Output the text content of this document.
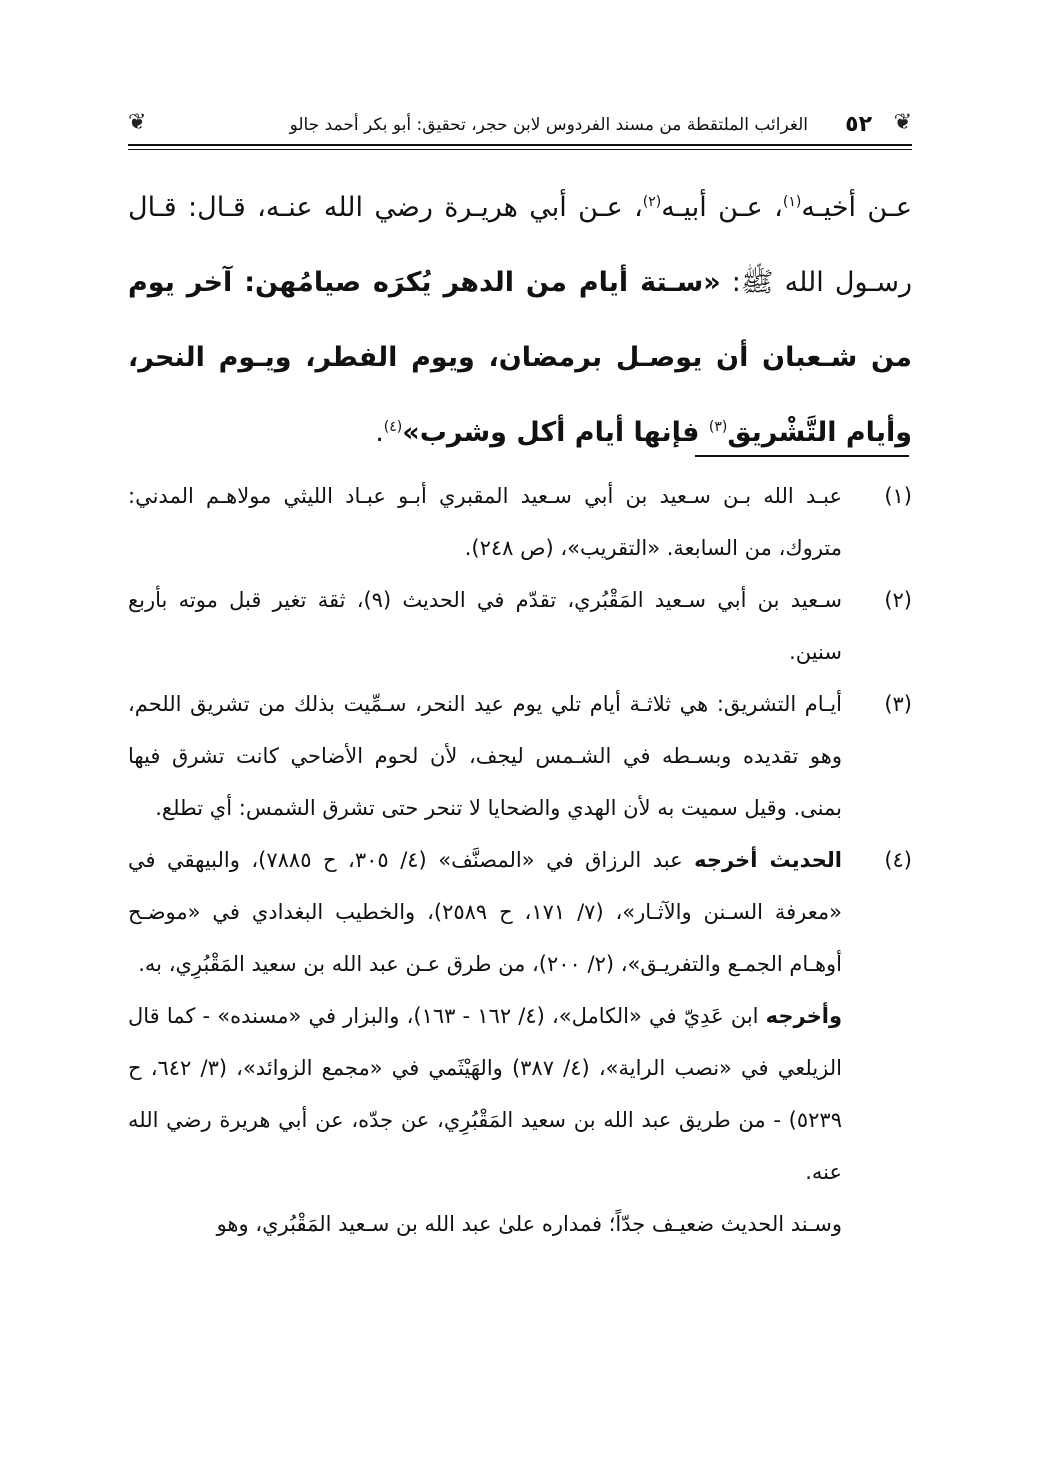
❦
٥٢
الغرائب الملتقطة من مسند الفردوس لابن حجر، تحقيق: أبو بكر أحمد جالو
❦

عـن أخيـه$^{(١)}$، عـن أبيـه$^{(٢)}$، عـن أبي هريـرة رضي الله عنـه، قـال: قـال رسـول الله ﷺ: «سـتة أيام من الدهر يُكرَه صيامُهن: آخر يوم من شـعبان أن يوصـل برمضان، ويوم الفطر، ويـوم النحر، وأيام التَّشْريق$^{(٣)}$ فإنها أيام أكل وشرب»$^{(٤)}$.

(١)
عبـد الله بـن سـعيد بن أبي سـعيد المقبري أبـو عبـاد الليثي مولاهـم المدني: متروك، من السابعة. «التقريب»، (ص ٢٤٨).
(٢)
سـعيد بن أبي سـعيد المَقْبُري، تقدّم في الحديث (٩)، ثقة تغير قبل موته بأربع سنين.
(٣)
أيـام التشريق: هي ثلاثـة أيام تلي يوم عيد النحر، سـمِّيت بذلك من تشريق اللحم، وهو تقديده وبسـطه في الشـمس ليجف، لأن لحوم الأضاحي كانت تشرق فيها بمنى. وقيل سميت به لأن الهدي والضحايا لا تنحر حتى تشرق الشمس: أي تطلع.
(٤)
الحديث أخرجه عبد الرزاق في «المصنَّف» (٤/ ٣٠٥، ح ٧٨٨٥)، والبيهقي في «معرفة السـنن والآثـار»، (٧/ ١٧١، ح ٢٥٨٩)، والخطيب البغدادي في «موضـح أوهـام الجمـع والتفريـق»، (٢/ ٢٠٠)، من طرق عـن عبد الله بن سعيد المَقْبُرِي، به.

وأخرجه ابن عَدِيّ في «الكامل»، (٤/ ١٦٢ - ١٦٣)، والبزار في «مسنده» - كما قال الزيلعي في «نصب الراية»، (٤/ ٣٨٧) والهَيْثَمي في «مجمع الزوائد»، (٣/ ٦٤٢، ح ٥٢٣٩) - من طريق عبد الله بن سعيد المَقْبُرِي، عن جدّه، عن أبي هريرة رضي الله عنه.

وسـند الحديث ضعيـف جدّاً؛ فمداره علىٰ عبد الله بن سـعيد المَقْبُري، وهو
